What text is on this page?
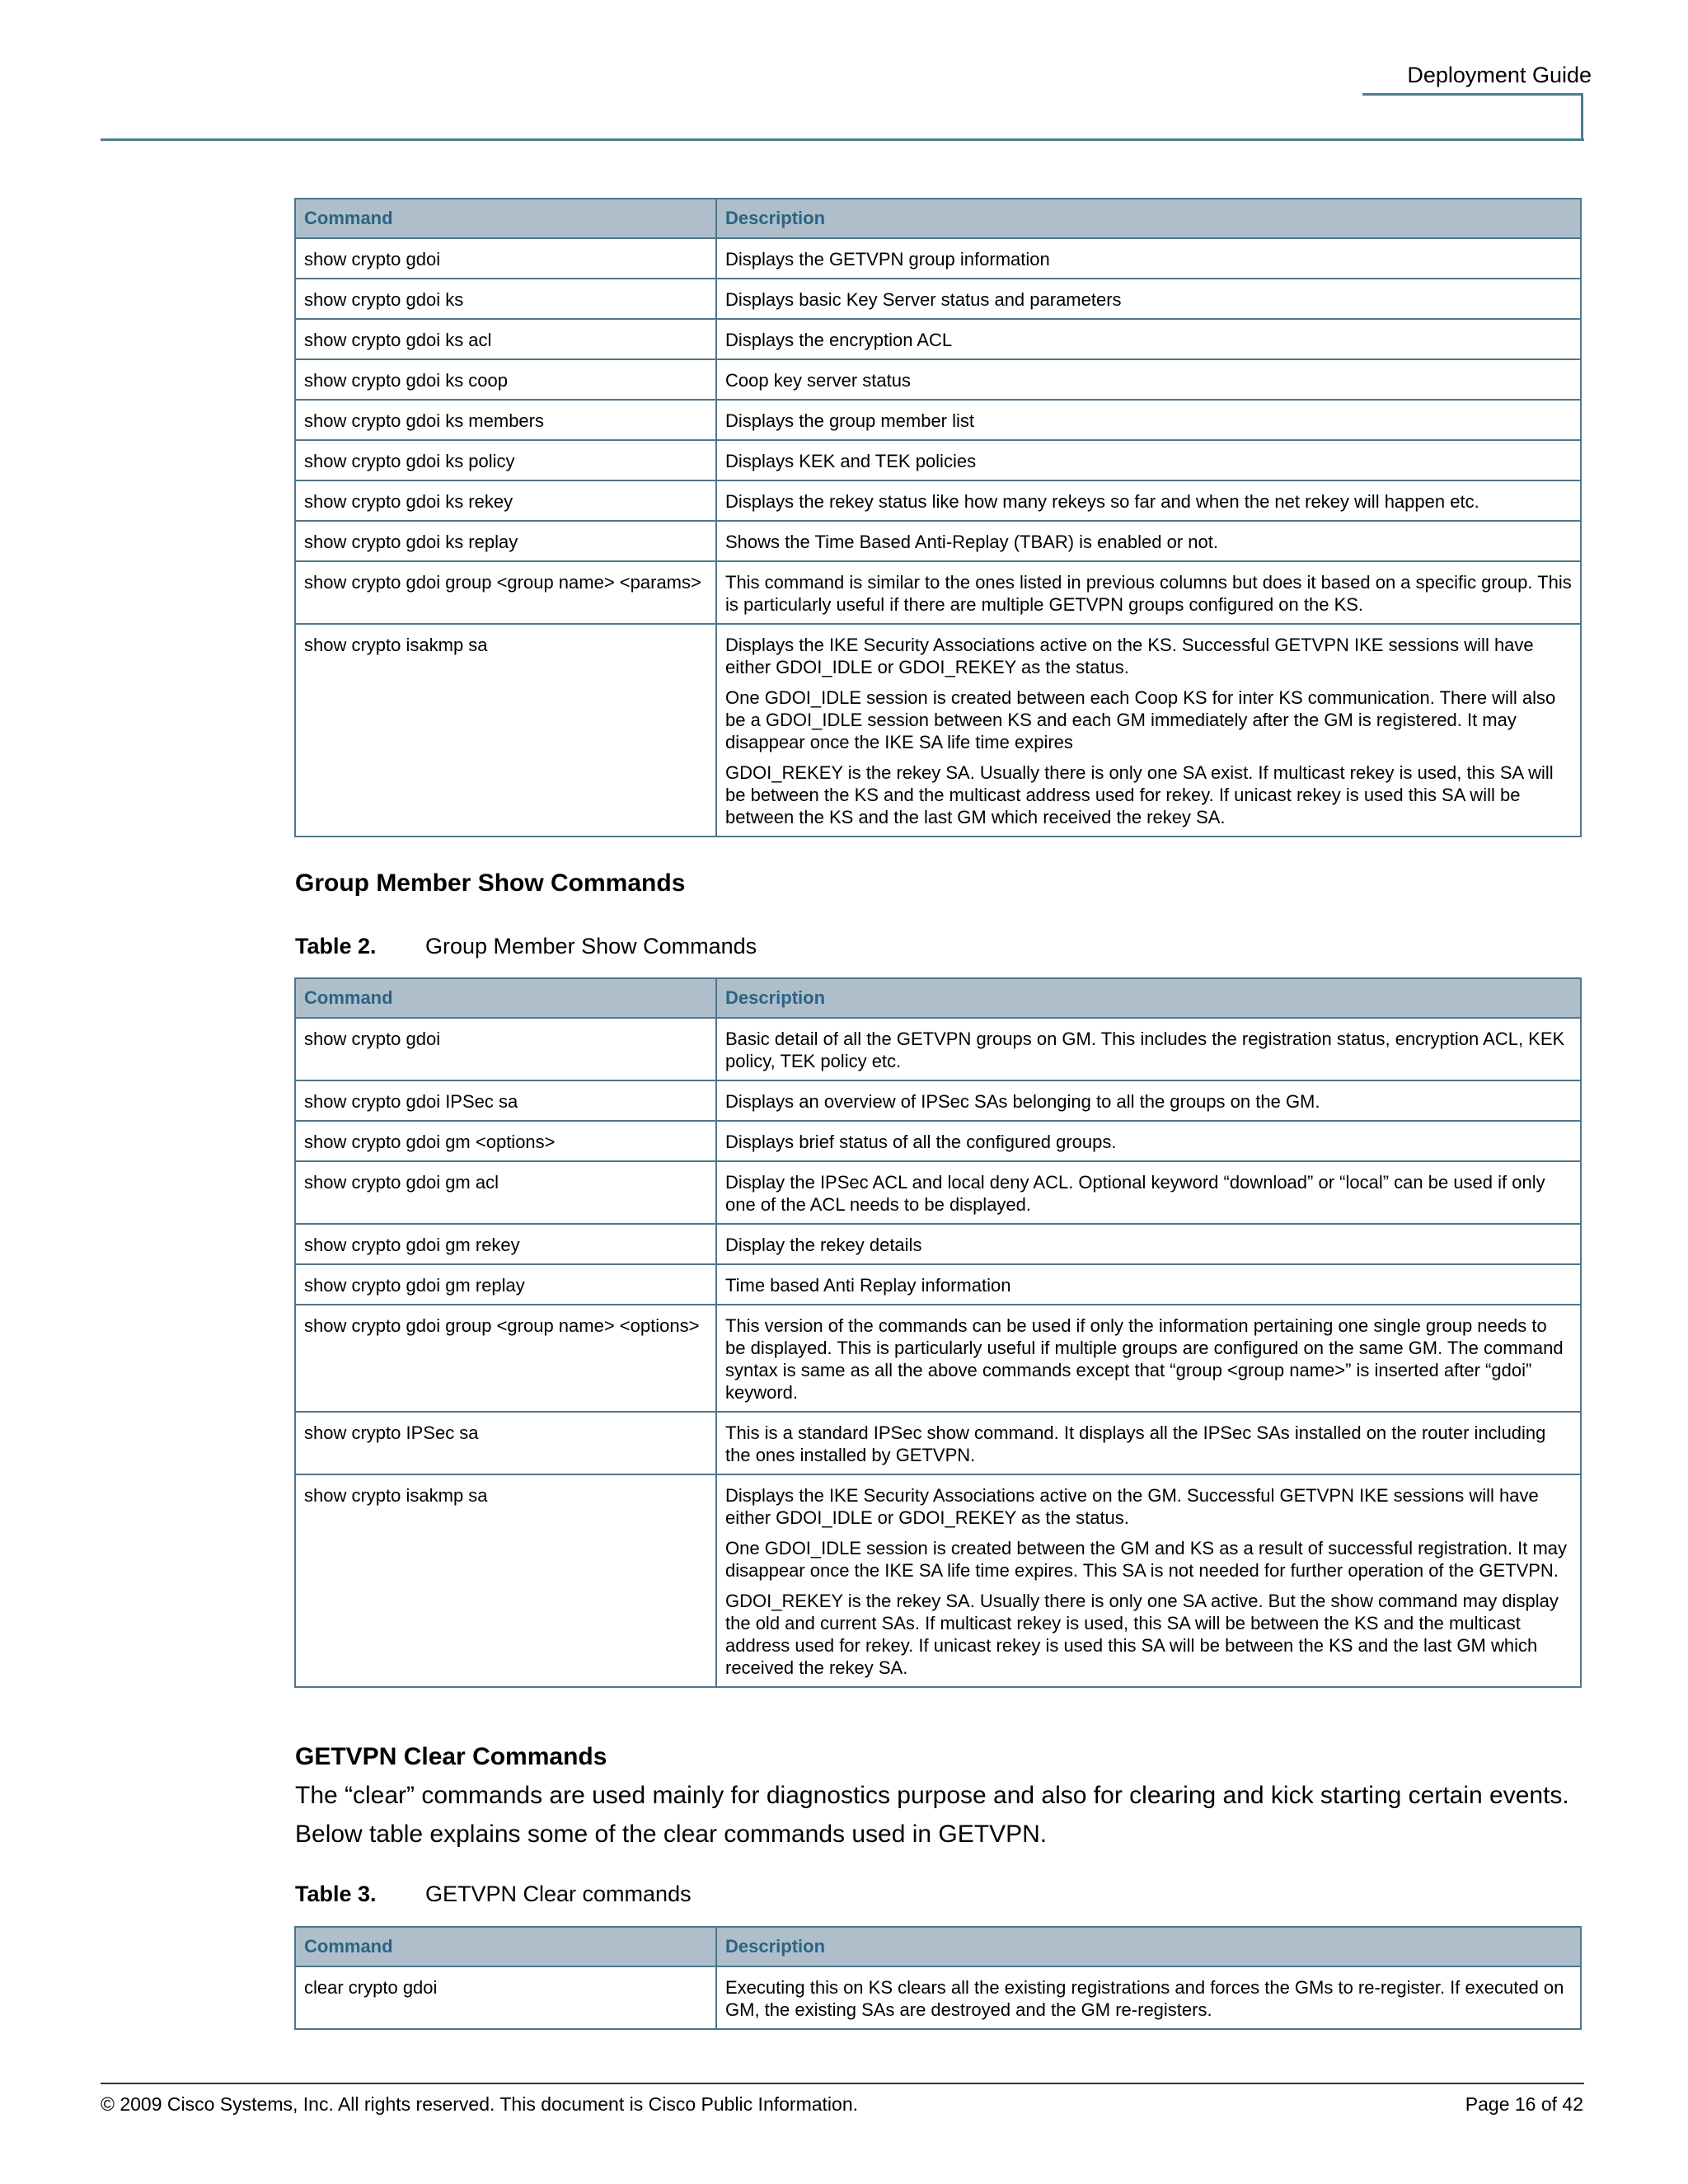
Deployment Guide
Command	Description
show crypto gdoi	Displays the GETVPN group information

show crypto gdoi ks	Displays basic Key Server status and parameters

show crypto gdoi ks acl	Displays the encryption ACL

show crypto gdoi ks coop	Coop key server status

show crypto gdoi ks members	Displays the group member list

show crypto gdoi ks policy	Displays KEK and TEK policies

show crypto gdoi ks rekey	Displays the rekey status like how many rekeys so far and when the net rekey will happen etc.

show crypto gdoi ks replay	Shows the Time Based Anti-Replay (TBAR) is enabled or not.

show crypto gdoi group <group name> <params>	This command is similar to the ones listed in previous columns but does it based on a specific group. This is particularly useful if there are multiple GETVPN groups configured on the KS.

show crypto isakmp sa	Displays the IKE Security Associations active on the KS. Successful GETVPN IKE sessions will have either GDOI_IDLE or GDOI_REKEY as the status.

One GDOI_IDLE session is created between each Coop KS for inter KS communication. There will also be a GDOI_IDLE session between KS and each GM immediately after the GM is registered. It may disappear once the IKE SA life time expires

GDOI_REKEY is the rekey SA. Usually there is only one SA exist. If multicast rekey is used, this SA will be between the KS and the multicast address used for rekey. If unicast rekey is used this SA will be between the KS and the last GM which received the rekey SA.

Group Member Show Commands
Table 2. Group Member Show Commands
Command	Description
show crypto gdoi	Basic detail of all the GETVPN groups on GM. This includes the registration status, encryption ACL, KEK policy, TEK policy etc.

show crypto gdoi IPSec sa	Displays an overview of IPSec SAs belonging to all the groups on the GM.

show crypto gdoi gm <options>	Displays brief status of all the configured groups.

show crypto gdoi gm acl	Display the IPSec ACL and local deny ACL. Optional keyword “download” or “local” can be used if only one of the ACL needs to be displayed.

show crypto gdoi gm rekey	Display the rekey details

show crypto gdoi gm replay	Time based Anti Replay information

show crypto gdoi group <group name> <options>	This version of the commands can be used if only the information pertaining one single group needs to be displayed. This is particularly useful if multiple groups are configured on the same GM. The command syntax is same as all the above commands except that “group <group name>” is inserted after “gdoi” keyword.

show crypto IPSec sa	This is a standard IPSec show command. It displays all the IPSec SAs installed on the router including the ones installed by GETVPN.

show crypto isakmp sa	Displays the IKE Security Associations active on the GM. Successful GETVPN IKE sessions will have either GDOI_IDLE or GDOI_REKEY as the status.

One GDOI_IDLE session is created between the GM and KS as a result of successful registration. It may disappear once the IKE SA life time expires. This SA is not needed for further operation of the GETVPN.

GDOI_REKEY is the rekey SA. Usually there is only one SA active. But the show command may display the old and current SAs. If multicast rekey is used, this SA will be between the KS and the multicast address used for rekey. If unicast rekey is used this SA will be between the KS and the last GM which received the rekey SA.

GETVPN Clear Commands
The “clear” commands are used mainly for diagnostics purpose and also for clearing and kick starting certain events. Below table explains some of the clear commands used in GETVPN.
Table 3. GETVPN Clear commands
Command	Description
clear crypto gdoi	Executing this on KS clears all the existing registrations and forces the GMs to re-register. If executed on GM, the existing SAs are destroyed and the GM re-registers.

© 2009 Cisco Systems, Inc. All rights reserved. This document is Cisco Public Information.	Page 16 of 42
